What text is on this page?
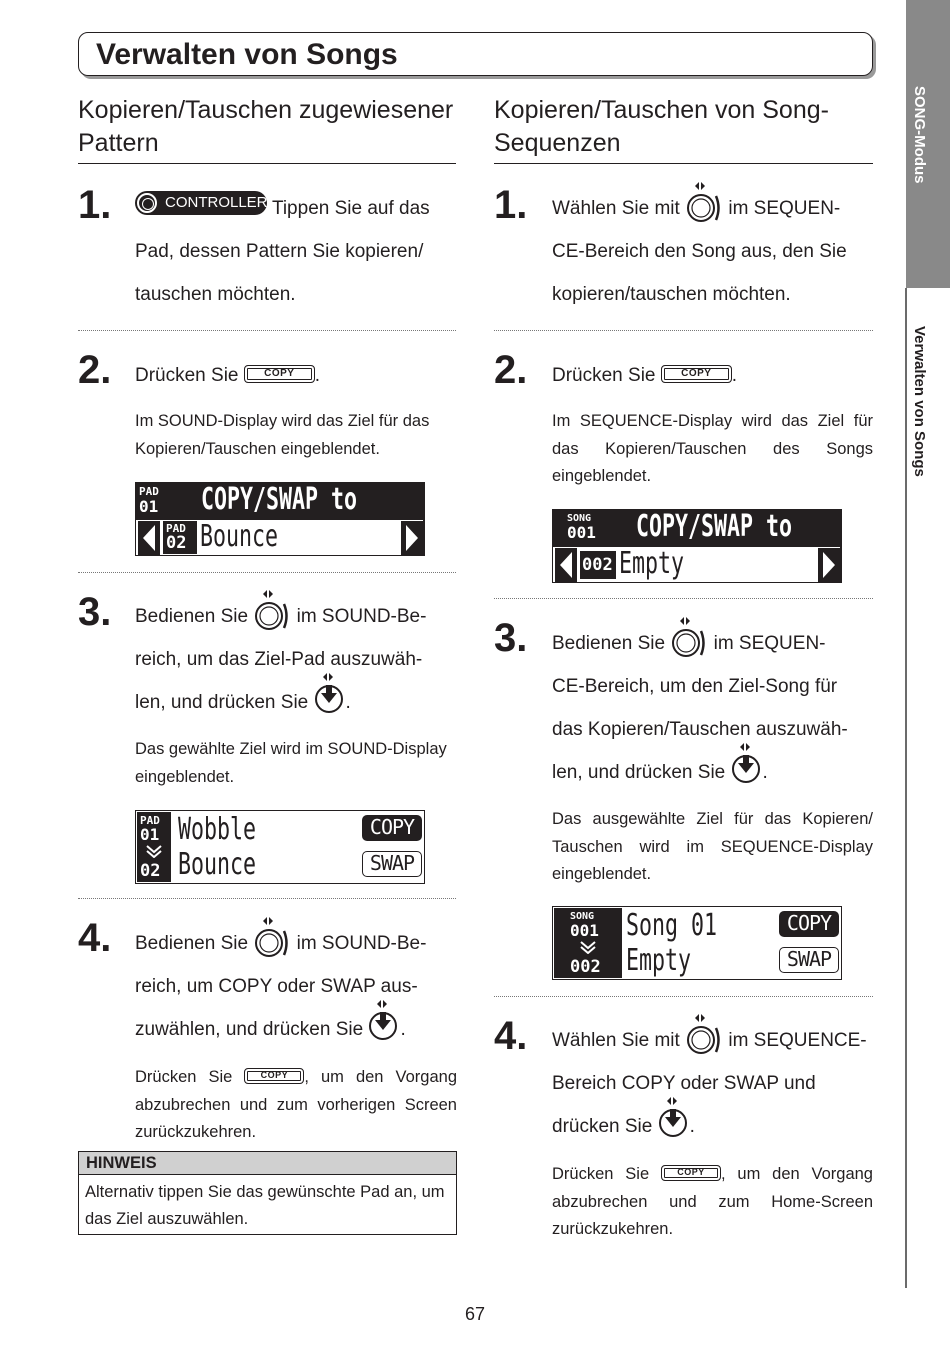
Verwalten von Songs
SONG-Modus
Verwalten von Songs
Kopieren/Tauschen zugewiesener Pattern
1.	CONTROLLER Tippen Sie auf das
Pad, dessen Pattern Sie kopieren/
tauschen möchten.
2. Drücken Sie	COPY .
Im SOUND-Display wird das Ziel für das Kopieren/Tauschen eingeblendet.
PAD
01 COPY/SWAP to
PAD
02 Bounce
3. Bedienen Sie	im SOUND-Be-
reich, um das Ziel-Pad auszuwäh-
len, und drücken Sie .
Das gewählte Ziel wird im SOUND-Display eingeblendet.
PAD
01
02
Wobble
Bounce
COPY
SWAP
4. Bedienen Sie	im SOUND-Be-
reich, um COPY oder SWAP aus-
zuwählen, und drücken Sie .
Drücken Sie	COPY , um den Vorgang abzubrechen und zum vorherigen Screen zurückzukehren.
HINWEIS
Alternativ tippen Sie das gewünschte Pad an, um das Ziel auszuwählen.
Kopieren/Tauschen von Song-Sequenzen
1. Wählen Sie mit	im SEQUEN-
CE-Bereich den Song aus, den Sie
kopieren/tauschen möchten.
2. Drücken Sie	COPY .
Im SEQUENCE-Display wird das Ziel für das Kopieren/Tauschen des Songs eingeblendet.
SONG
001 COPY/SWAP to
002 Empty
3. Bedienen Sie	im SEQUEN-
CE-Bereich, um den Ziel-Song für
das Kopieren/Tauschen auszuwäh-
len, und drücken Sie .
Das ausgewählte Ziel für das Kopieren/ Tauschen wird im SEQUENCE-Display eingeblendet.
SONG
001
002
Song 01
Empty
COPY
SWAP
4. Wählen Sie mit	im SEQUENCE-
Bereich COPY oder SWAP und
drücken Sie .
Drücken Sie	COPY , um den Vorgang abzubrechen und zum Home-Screen zurückzukehren.
67
